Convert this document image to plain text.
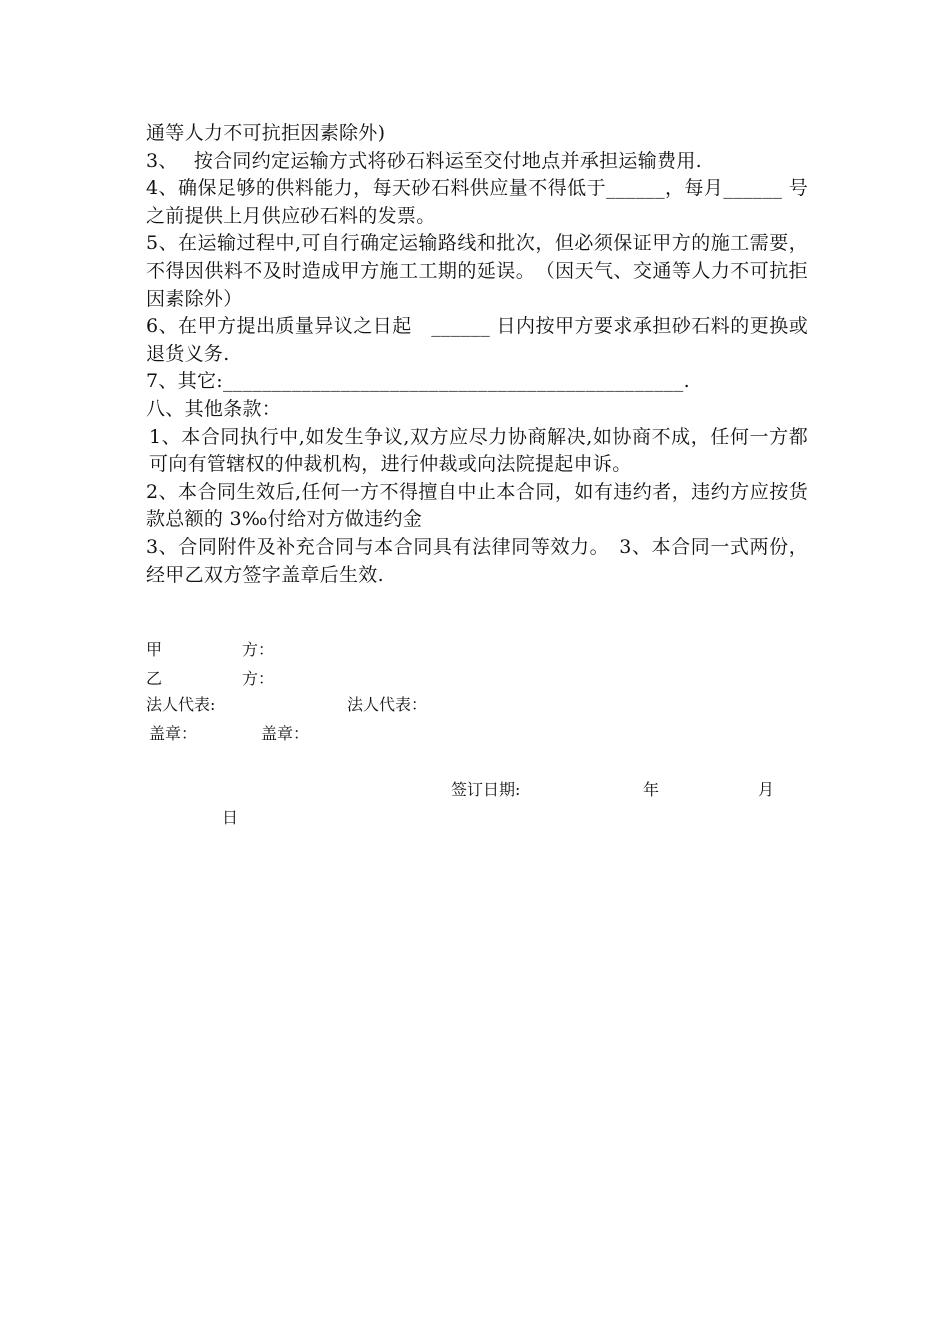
通等人力不可抗拒因素除外)

3、　 按合同约定运输方式将砂石料运至交付地点并承担运输费用.

4、确保足够的供料能力，每天砂石料供应量不得低于______，每月______ 号之前提供上月供应砂石料的发票。

5、在运输过程中,可自行确定运输路线和批次，但必须保证甲方的施工需要，不得因供料不及时造成甲方施工工期的延误。　（因天气、交通等人力不可抗拒因素除外）

6、在甲方提出质量异议之日起　______ 日内按甲方要求承担砂石料的更换或退货义务.

7、其它:_______________________________________________.

八、其他条款：

1、本合同执行中,如发生争议,双方应尽力协商解决,如协商不成，任何一方都可向有管辖权的仲裁机构，进行仲裁或向法院提起申诉。

2、本合同生效后,任何一方不得擅自中止本合同，如有违约者，违约方应按货款总额的 3‰付给对方做违约金

3、合同附件及补充合同与本合同具有法律同等效力。　3、本合同一式两份，经甲乙双方签字盖章后生效.

甲	方：
乙	方：
法人代表:	法人代表：
盖章：	盖章：
签订日期:	年	月
日
